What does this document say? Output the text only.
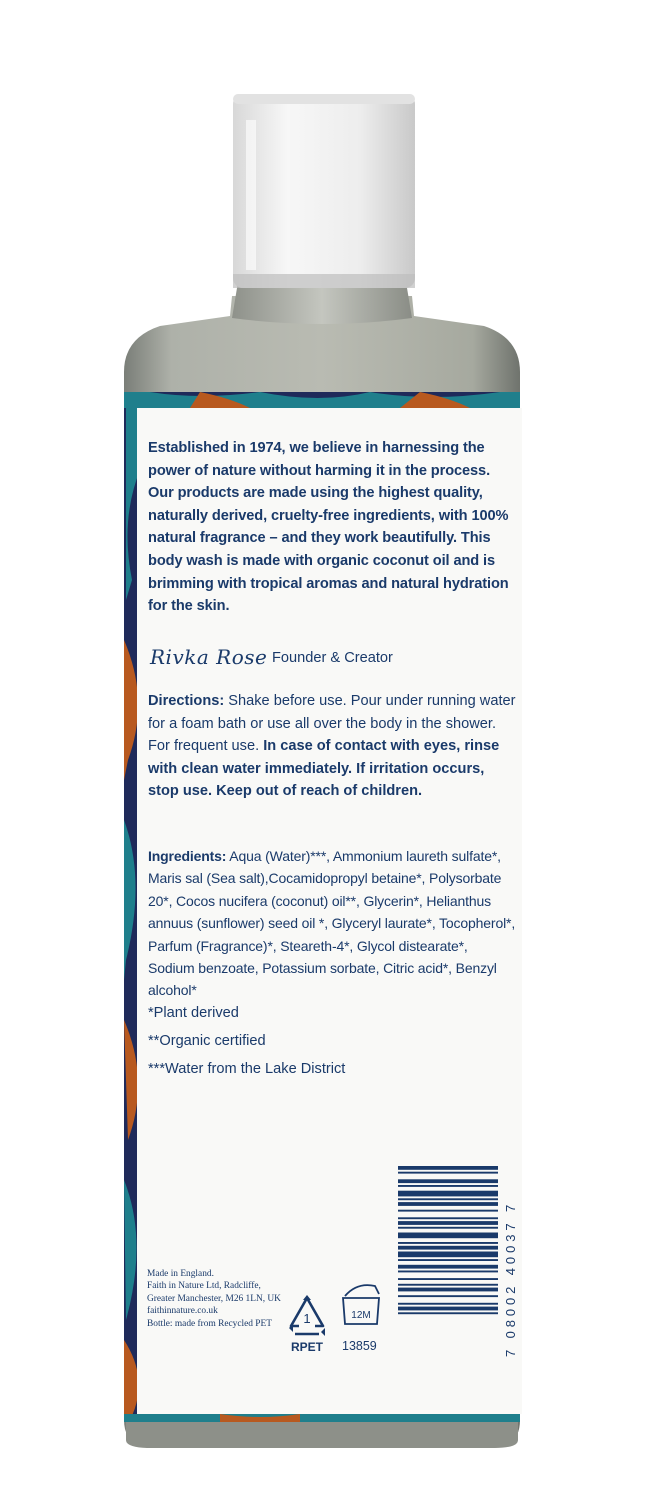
Established in 1974, we believe in harnessing the power of nature without harming it in the process. Our products are made using the highest quality, naturally derived, cruelty-free ingredients, with 100% natural fragrance – and they work beautifully. This body wash is made with organic coconut oil and is brimming with tropical aromas and natural hydration for the skin.
Rivka Rose Founder & Creator
Directions: Shake before use. Pour under running water for a foam bath or use all over the body in the shower. For frequent use. In case of contact with eyes, rinse with clean water immediately. If irritation occurs, stop use. Keep out of reach of children.
Ingredients: Aqua (Water)***, Ammonium laureth sulfate*, Maris sal (Sea salt),Cocamidopropyl betaine*, Polysorbate 20*, Cocos nucifera (coconut) oil**, Glycerin*, Helianthus annuus (sunflower) seed oil *, Glyceryl laurate*, Tocopherol*, Parfum (Fragrance)*, Steareth-4*, Glycol distearate*, Sodium benzoate, Potassium sorbate, Citric acid*, Benzyl alcohol*
*Plant derived
**Organic certified
***Water from the Lake District
Made in England.
Faith in Nature Ltd, Radcliffe,
Greater Manchester, M26 1LN, UK
faithinnature.co.uk
Bottle: made from Recycled PET	1
RPET
12M
13859	7 08002 40037 7
